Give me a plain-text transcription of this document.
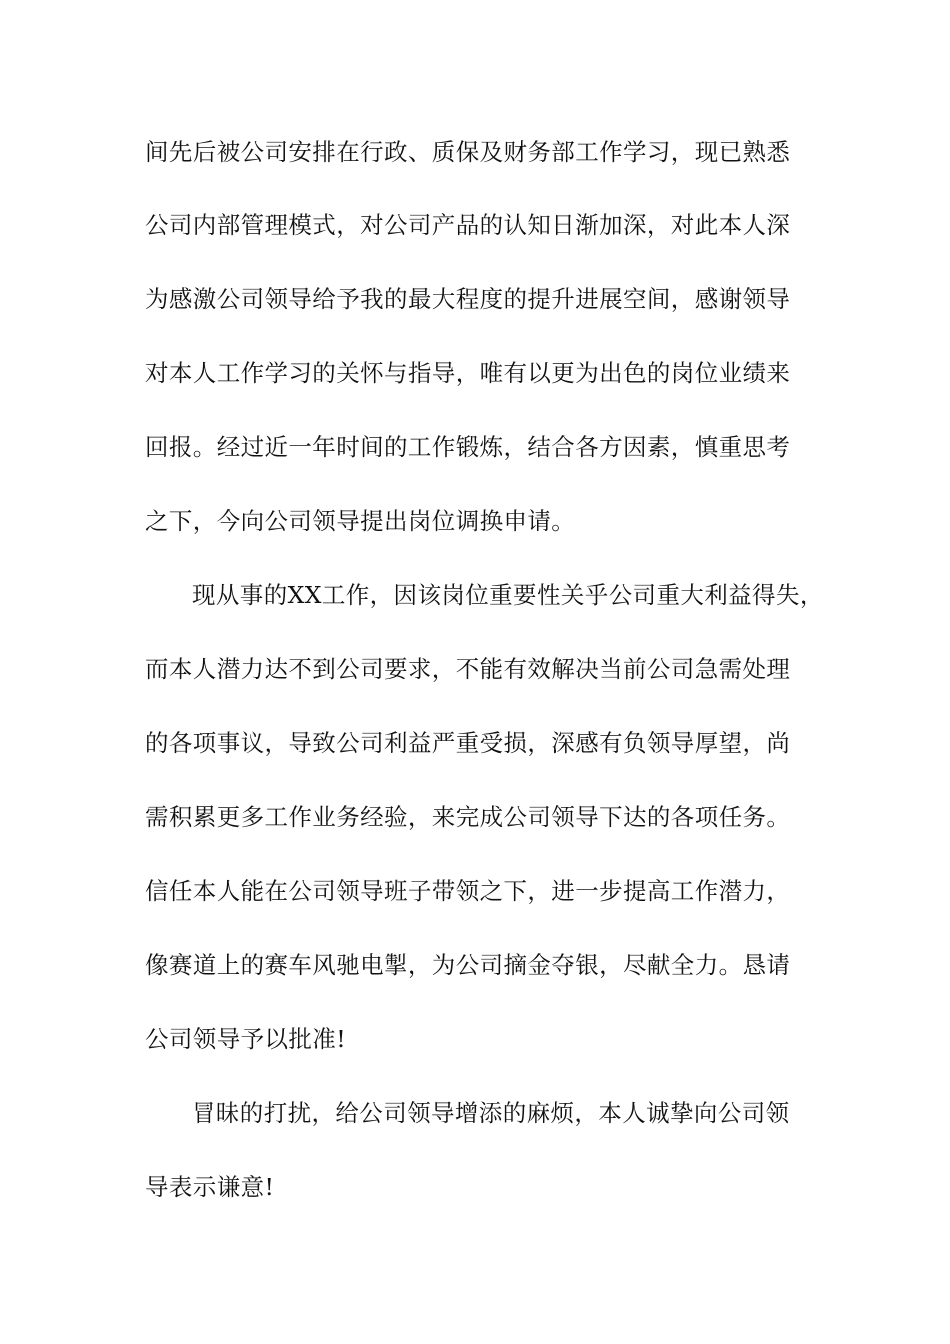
间先后被公司安排在行政、质保及财务部工作学习，现已熟悉
公司内部管理模式，对公司产品的认知日渐加深，对此本人深
为感激公司领导给予我的最大程度的提升进展空间，感谢领导
对本人工作学习的关怀与指导，唯有以更为出色的岗位业绩来
回报。经过近一年时间的工作锻炼，结合各方因素，慎重思考
之下，今向公司领导提出岗位调换申请。
现从事的XX工作，因该岗位重要性关乎公司重大利益得失，
而本人潜力达不到公司要求，不能有效解决当前公司急需处理
的各项事议，导致公司利益严重受损，深感有负领导厚望，尚
需积累更多工作业务经验，来完成公司领导下达的各项任务。
信任本人能在公司领导班子带领之下，进一步提高工作潜力，
像赛道上的赛车风驰电掣，为公司摘金夺银，尽献全力。恳请
公司领导予以批准!
冒昧的打扰，给公司领导增添的麻烦，本人诚挚向公司领
导表示谦意!
